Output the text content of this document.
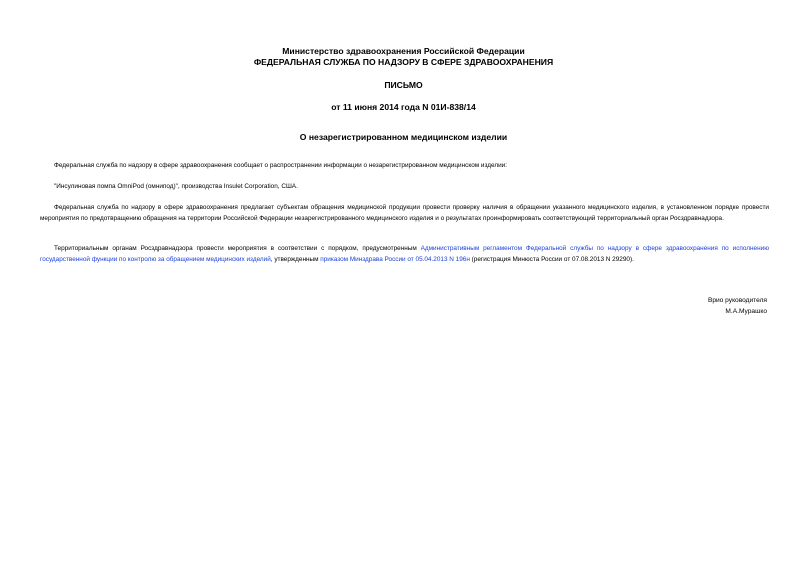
Министерство здравоохранения Российской Федерации
ФЕДЕРАЛЬНАЯ СЛУЖБА ПО НАДЗОРУ В СФЕРЕ ЗДРАВООХРАНЕНИЯ
ПИСЬМО
от 11 июня 2014 года N 01И-838/14
О незарегистрированном медицинском изделии
Федеральная служба по надзору в сфере здравоохранения сообщает о распространении информации о незарегистрированном медицинском изделии:
"Инсулиновая помпа OmniPod (омнипод)", производства Insulet Corporation, США.
Федеральная служба по надзору в сфере здравоохранения предлагает субъектам обращения медицинской продукции провести проверку наличия в обращении указанного медицинского изделия, в установленном порядке провести мероприятия по предотвращению обращения на территории Российской Федерации незарегистрированного медицинского изделия и о результатах проинформировать соответствующий территориальный орган Росздравнадзора.
Территориальным органам Росздравнадзора провести мероприятия в соответствии с порядком, предусмотренным Административным регламентом Федеральной службы по надзору в сфере здравоохранения по исполнению государственной функции по контролю за обращением медицинских изделий, утвержденным приказом Минздрава России от 05.04.2013 N 196н (регистрация Минюста России от 07.08.2013 N 29290).
Врио руководителя
М.А.Мурашко
